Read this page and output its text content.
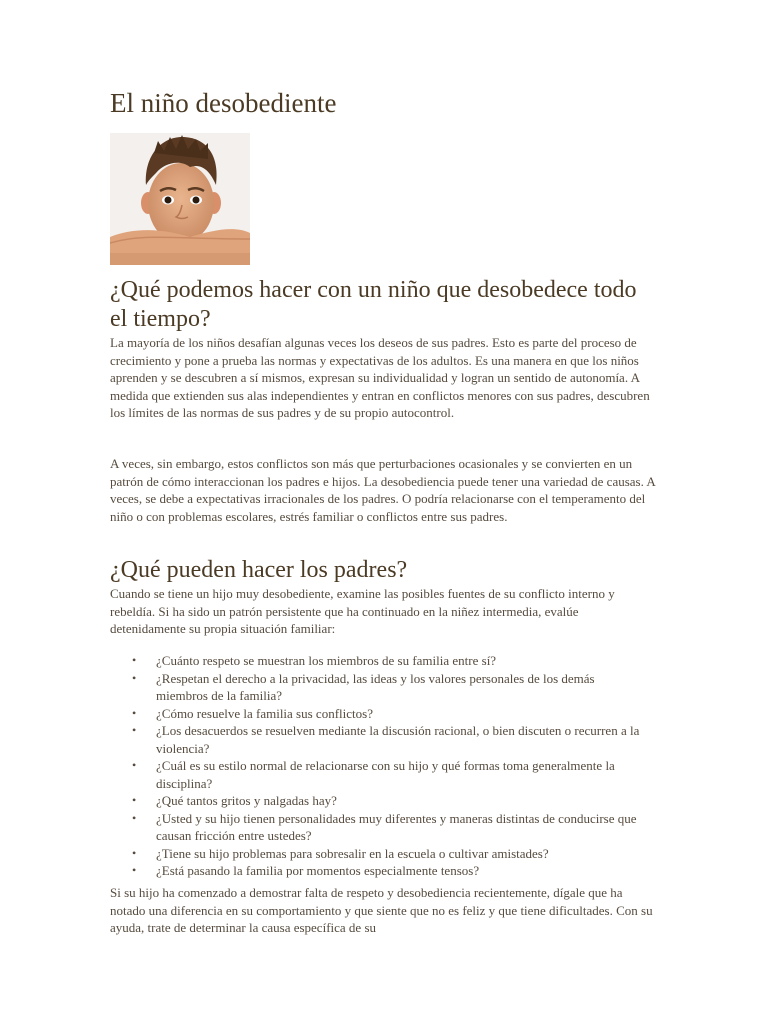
El niño desobediente
¿Qué podemos hacer con un niño que desobedece todo el tiempo?

La mayoría de los niños desafían algunas veces los deseos de sus padres. Esto es parte del proceso de crecimiento y pone a prueba las normas y expectativas de los adultos. Es una manera en que los niños aprenden y se descubren a sí mismos, expresan su individualidad y logran un sentido de autonomía. A medida que extienden sus alas independientes y entran en conflictos menores con sus padres, descubren los límites de las normas de sus padres y de su propio autocontrol.

A veces, sin embargo, estos conflictos son más que perturbaciones ocasionales y se convierten en un patrón de cómo interaccionan los padres e hijos. La desobediencia puede tener una variedad de causas. A veces, se debe a expectativas irracionales de los padres. O podría relacionarse con el temperamento del niño o con problemas escolares, estrés familiar o conflictos entre sus padres.

¿Qué pueden hacer los padres?

Cuando se tiene un hijo muy desobediente, examine las posibles fuentes de su conflicto interno y rebeldía. Si ha sido un patrón persistente que ha continuado en la niñez intermedia, evalúe detenidamente su propia situación familiar:

• ¿Cuánto respeto se muestran los miembros de su familia entre sí?
• ¿Respetan el derecho a la privacidad, las ideas y los valores personales de los demás miembros de la familia?
• ¿Cómo resuelve la familia sus conflictos?
• ¿Los desacuerdos se resuelven mediante la discusión racional, o bien discuten o recurren a la violencia?
• ¿Cuál es su estilo normal de relacionarse con su hijo y qué formas toma generalmente la disciplina?
• ¿Qué tantos gritos y nalgadas hay?
• ¿Usted y su hijo tienen personalidades muy diferentes y maneras distintas de conducirse que causan fricción entre ustedes?
• ¿Tiene su hijo problemas para sobresalir en la escuela o cultivar amistades?
• ¿Está pasando la familia por momentos especialmente tensos?

Si su hijo ha comenzado a demostrar falta de respeto y desobediencia recientemente, dígale que ha notado una diferencia en su comportamiento y que siente que no es feliz y que tiene dificultades. Con su ayuda, trate de determinar la causa específica de su
